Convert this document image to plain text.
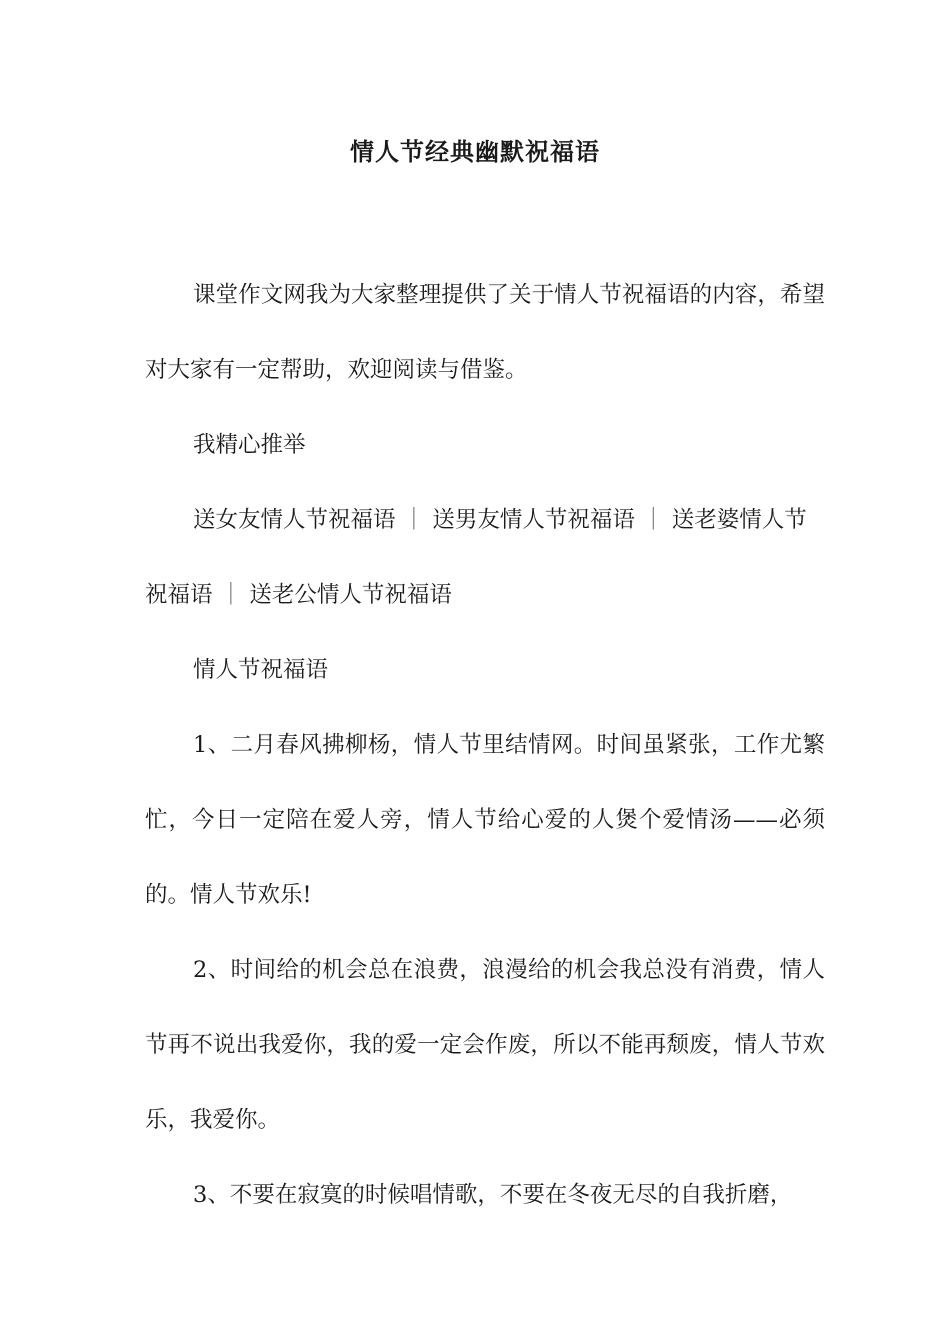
情人节经典幽默祝福语

课堂作文网我为大家整理提供了关于情人节祝福语的内容，希望对大家有一定帮助，欢迎阅读与借鉴。

我精心推举

送女友情人节祝福语 ｜ 送男友情人节祝福语 ｜ 送老婆情人节祝福语 ｜ 送老公情人节祝福语

情人节祝福语

1、二月春风拂柳杨，情人节里结情网。时间虽紧张，工作尤繁忙，今日一定陪在爱人旁，情人节给心爱的人煲个爱情汤——必须的。情人节欢乐!

2、时间给的机会总在浪费，浪漫给的机会我总没有消费，情人节再不说出我爱你，我的爱一定会作废，所以不能再颓废，情人节欢乐，我爱你。

3、不要在寂寞的时候唱情歌，不要在冬夜无尽的自我折磨，
